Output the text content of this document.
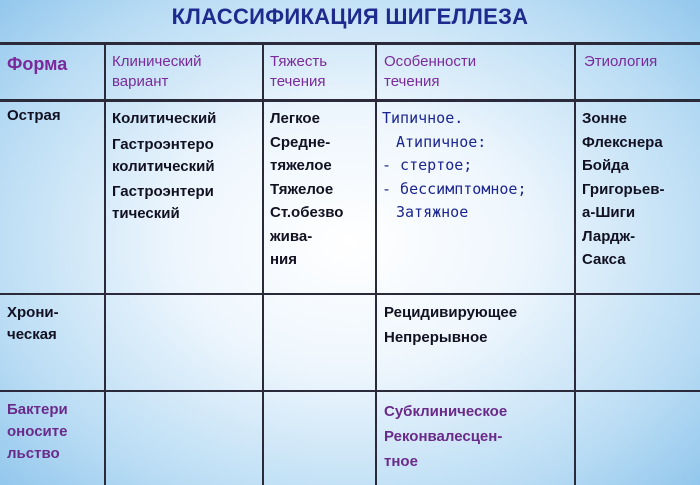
КЛАССИФИКАЦИЯ ШИГЕЛЛЕЗА
Форма	Клинический
вариант
Тяжесть
течения
Особенности
течения
Этиология
Острая	Колитический
Гастроэнтеро
колитический
Гастроэнтери
тический
Легкое
Средне-
тяжелое
Тяжелое
Ст.обезво
жива-
ния
Типичное.
Атипичное:
- стертое;
- бессимптомное;
Затяжное
Зонне
Флекснера
Бойда
Григорьев-
а-Шиги
Лардж-
Сакса
Хрони-
ческая
Рецидивирующее
Непрерывное
Бактери
оносите
льство
Субклиническое
Реконвалесцен-
тное
